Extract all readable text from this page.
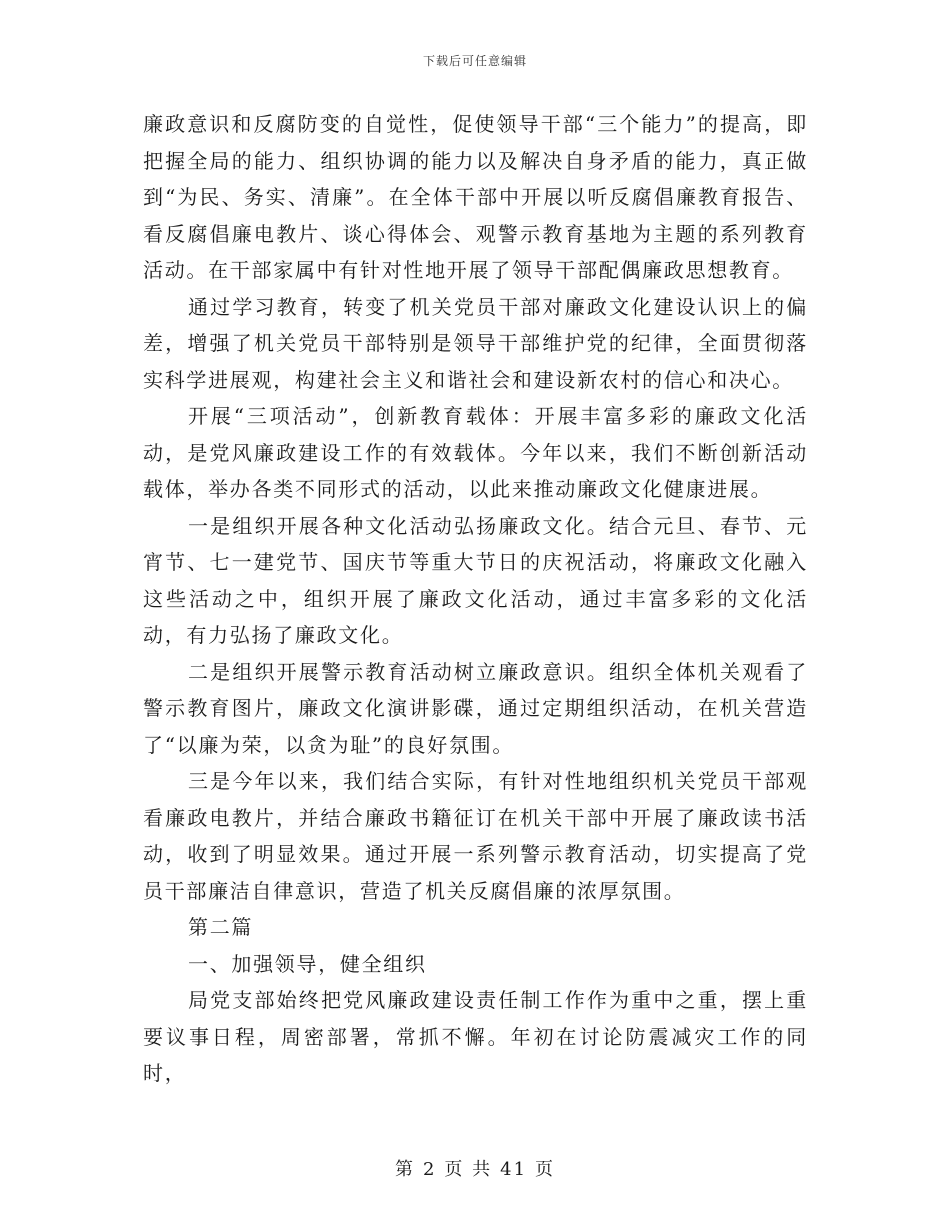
下载后可任意编辑

廉政意识和反腐防变的自觉性，促使领导干部“三个能力”的提高，即把握全局的能力、组织协调的能力以及解决自身矛盾的能力，真正做到“为民、务实、清廉”。在全体干部中开展以听反腐倡廉教育报告、看反腐倡廉电教片、谈心得体会、观警示教育基地为主题的系列教育活动。在干部家属中有针对性地开展了领导干部配偶廉政思想教育。

通过学习教育，转变了机关党员干部对廉政文化建设认识上的偏差，增强了机关党员干部特别是领导干部维护党的纪律，全面贯彻落实科学进展观，构建社会主义和谐社会和建设新农村的信心和决心。

开展“三项活动”，创新教育载体：开展丰富多彩的廉政文化活动，是党风廉政建设工作的有效载体。今年以来，我们不断创新活动载体，举办各类不同形式的活动，以此来推动廉政文化健康进展。

一是组织开展各种文化活动弘扬廉政文化。结合元旦、春节、元宵节、七一建党节、国庆节等重大节日的庆祝活动，将廉政文化融入这些活动之中，组织开展了廉政文化活动，通过丰富多彩的文化活动，有力弘扬了廉政文化。

二是组织开展警示教育活动树立廉政意识。组织全体机关观看了警示教育图片，廉政文化演讲影碟，通过定期组织活动，在机关营造了“以廉为荣，以贪为耻”的良好氛围。

三是今年以来，我们结合实际，有针对性地组织机关党员干部观看廉政电教片，并结合廉政书籍征订在机关干部中开展了廉政读书活动，收到了明显效果。通过开展一系列警示教育活动，切实提高了党员干部廉洁自律意识，营造了机关反腐倡廉的浓厚氛围。

第二篇

一、加强领导，健全组织

局党支部始终把党风廉政建设责任制工作作为重中之重，摆上重要议事日程，周密部署，常抓不懈。年初在讨论防震减灾工作的同时，

第 2 页 共 41 页
